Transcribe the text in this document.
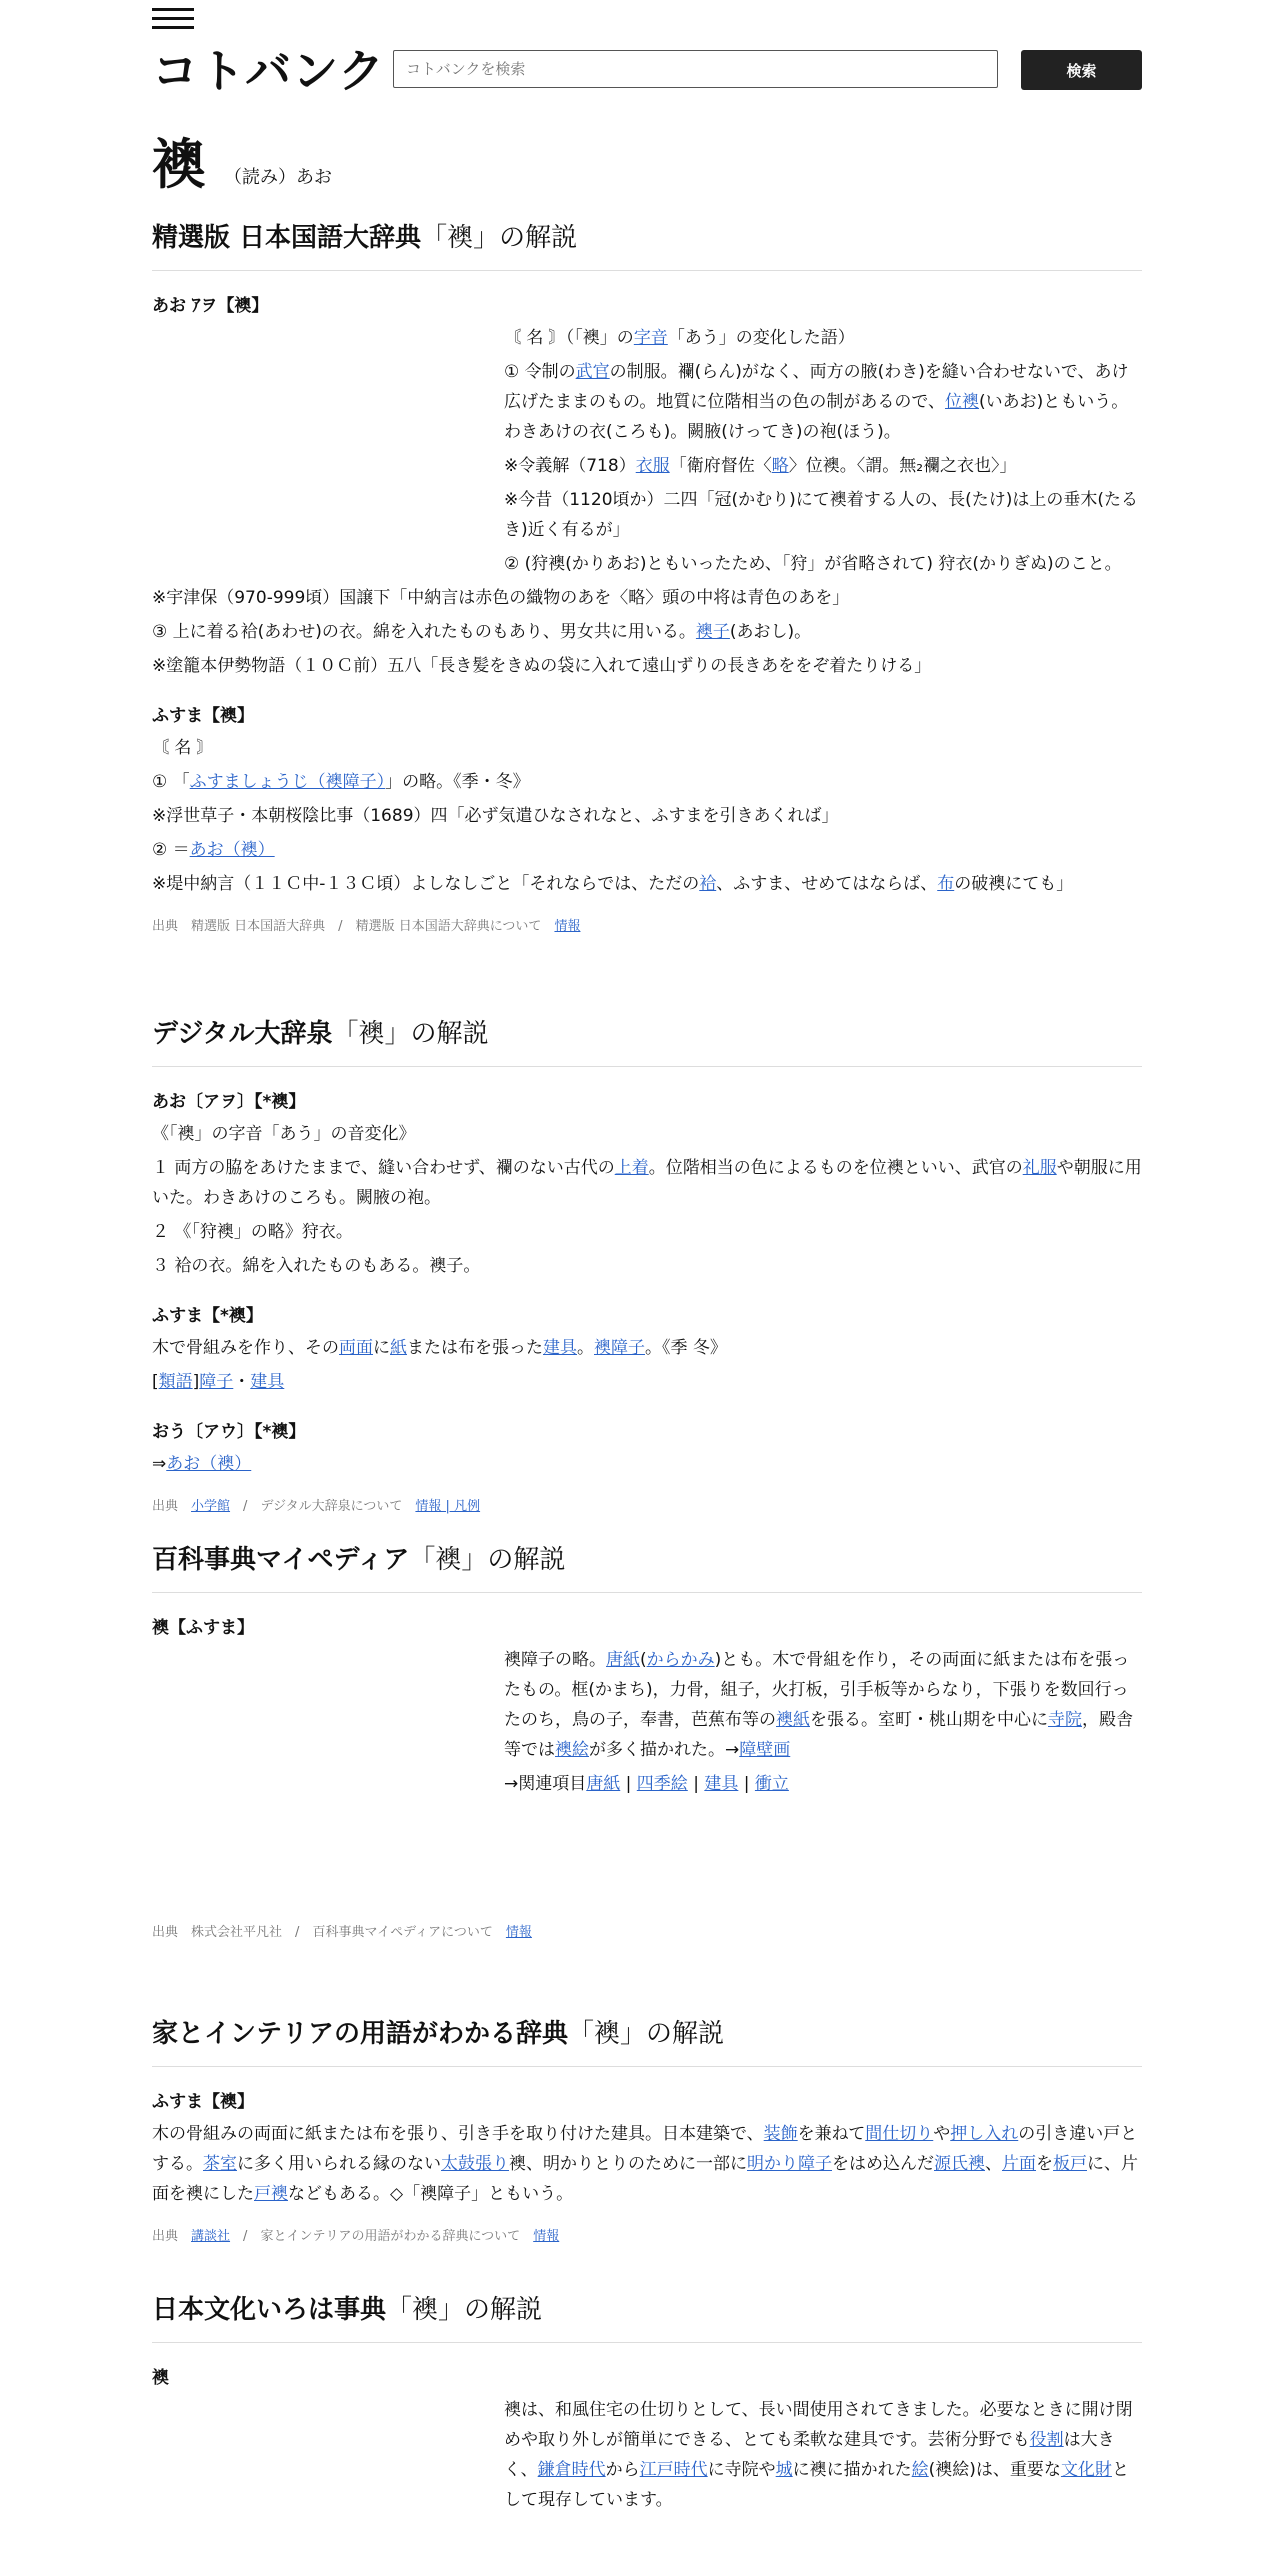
コトバンク
コトバンクを検索	検索
襖 （読み）あお
精選版 日本国語大辞典「襖」の解説
あお ｱヲ【襖】
〘 名 〙（「襖」の字音「あう」の変化した語）
① 令制の武官の制服。襴(らん)がなく、両方の腋(わき)を縫い合わせないで、あけ広げたままのもの。地質に位階相当の色の制があるので、位襖(いあお)ともいう。わきあけの衣(ころも)。闕腋(けってき)の袍(ほう)。
※令義解（718）衣服「衛府督佐〈略〉位襖。〈謂。無₂襴之衣也〉」
※今昔（1120頃か）二四「冠(かむり)にて襖着する人の、長(たけ)は上の垂木(たるき)近く有るが」
② (狩襖(かりあお)ともいったため、「狩」が省略されて) 狩衣(かりぎぬ)のこと。
※宇津保（970‐999頃）国譲下「中納言は赤色の織物のあを〈略〉頭の中将は青色のあを」
③ 上に着る袷(あわせ)の衣。綿を入れたものもあり、男女共に用いる。襖子(あおし)。
※塗籠本伊勢物語（１０Ｃ前）五八「長き髪をきぬの袋に入れて遠山ずりの長きあををぞ着たりける」
ふすま【襖】
〘 名 〙
① 「ふすましょうじ（襖障子）」の略。《季・冬》
※浮世草子・本朝桜陰比事（1689）四「必ず気遣ひなされなと、ふすまを引きあくれば」
② ＝あお（襖）
※堤中納言（１１Ｃ中‐１３Ｃ頃）よしなしごと「それならでは、ただの袷、ふすま、せめてはならば、布の破襖にても」
出典　 精選版 日本国語大辞典　/　精選版 日本国語大辞典について　 情報
デジタル大辞泉「襖」の解説
あお〔アヲ〕【*襖】
《「襖」の字音「あう」の音変化》
１ 両方の脇をあけたままで、縫い合わせず、襴のない古代の上着。位階相当の色によるものを位襖といい、武官の礼服や朝服に用いた。わきあけのころも。闕腋の袍。
２ 《「狩襖」の略》狩衣。
３ 袷の衣。綿を入れたものもある。襖子。
ふすま【*襖】
木で骨組みを作り、その両面に紙または布を張った建具。襖障子。《季 冬》
[類語]障子・建具
おう〔アウ〕【*襖】
⇒あお（襖）
出典　 小学館　/　デジタル大辞泉について　 情報 | 凡例
百科事典マイペディア「襖」の解説
襖【ふすま】
襖障子の略。唐紙(からかみ)とも。木で骨組を作り，その両面に紙または布を張ったもの。框(かまち)，力骨，組子，火打板，引手板等からなり，下張りを数回行ったのち，鳥の子，奉書，芭蕉布等の襖紙を張る。室町・桃山期を中心に寺院，殿舎等では襖絵が多く描かれた。→障壁画
→関連項目唐紙 | 四季絵 | 建具 | 衝立
出典　 株式会社平凡社　/　百科事典マイペディアについて　 情報
家とインテリアの用語がわかる辞典「襖」の解説
ふすま【襖】
木の骨組みの両面に紙または布を張り、引き手を取り付けた建具。日本建築で、装飾を兼ねて間仕切りや押し入れの引き違い戸とする。茶室に多く用いられる縁のない太鼓張り襖、明かりとりのために一部に明かり障子をはめ込んだ源氏襖、片面を板戸に、片面を襖にした戸襖などもある。◇「襖障子」ともいう。
出典　 講談社　/　家とインテリアの用語がわかる辞典について　 情報
日本文化いろは事典「襖」の解説
襖
襖は、和風住宅の仕切りとして、長い間使用されてきました。必要なときに開け閉めや取り外しが簡単にできる、とても柔軟な建具です。芸術分野でも役割は大きく、鎌倉時代から江戸時代に寺院や城に襖に描かれた絵(襖絵)は、重要な文化財として現存しています。
